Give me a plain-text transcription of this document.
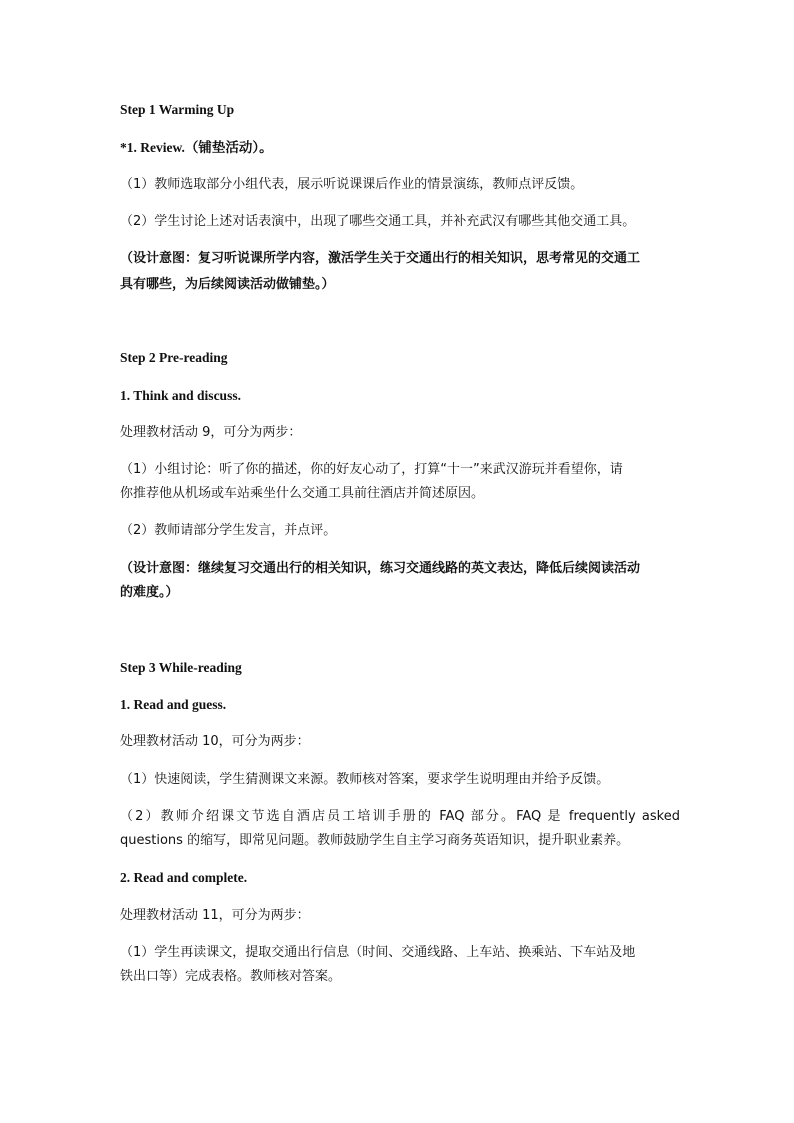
Step 1 Warming Up
*1. Review.（铺垫活动）。
（1）教师选取部分小组代表，展示听说课课后作业的情景演练，教师点评反馈。
（2）学生讨论上述对话表演中，出现了哪些交通工具，并补充武汉有哪些其他交通工具。
（设计意图：复习听说课所学内容，激活学生关于交通出行的相关知识，思考常见的交通工
具有哪些，为后续阅读活动做铺垫。）
Step 2 Pre-reading
1. Think and discuss.
处理教材活动 9，可分为两步：
（1）小组讨论：听了你的描述，你的好友心动了，打算“十一”来武汉游玩并看望你，请
你推荐他从机场或车站乘坐什么交通工具前往酒店并简述原因。
（2）教师请部分学生发言，并点评。
（设计意图：继续复习交通出行的相关知识，练习交通线路的英文表达，降低后续阅读活动
的难度。）
Step 3 While-reading
1. Read and guess.
处理教材活动 10，可分为两步：
（1）快速阅读，学生猜测课文来源。教师核对答案，要求学生说明理由并给予反馈。
（2）教师介绍课文节选自酒店员工培训手册的 FAQ 部分。FAQ 是 frequently asked
questions 的缩写，即常见问题。教师鼓励学生自主学习商务英语知识，提升职业素养。
2. Read and complete.
处理教材活动 11，可分为两步：
（1）学生再读课文，提取交通出行信息（时间、交通线路、上车站、换乘站、下车站及地
铁出口等）完成表格。教师核对答案。
